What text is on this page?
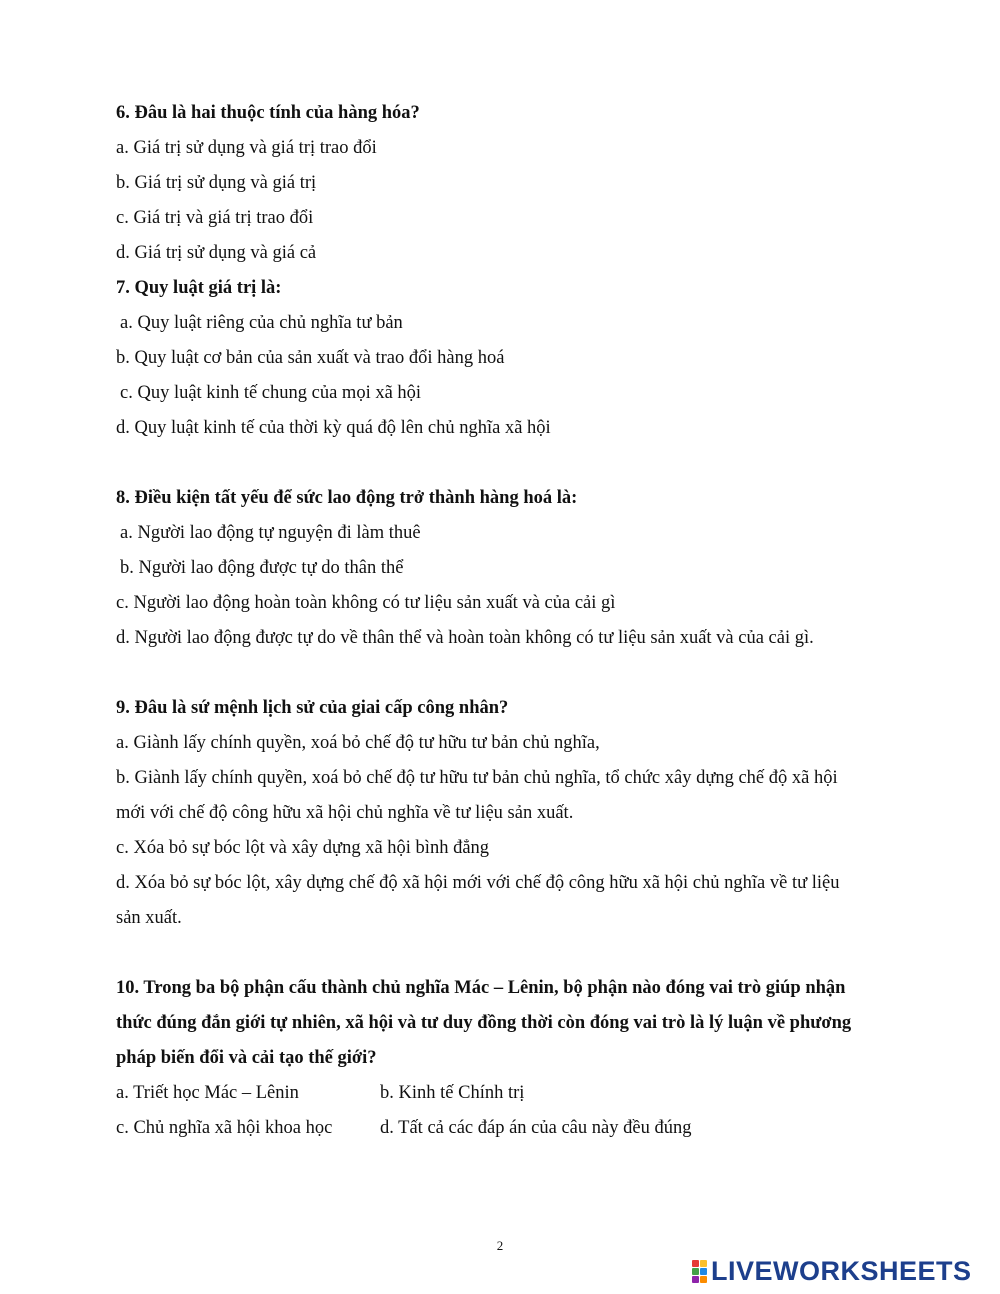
6. Đâu là hai thuộc tính của hàng hóa?

a. Giá trị sử dụng và giá trị trao đổi

b. Giá trị sử dụng và giá trị

c. Giá trị và giá trị trao đổi

d. Giá trị sử dụng và giá cả

7. Quy luật giá trị là:

a. Quy luật riêng của chủ nghĩa tư bản

b. Quy luật cơ bản của sản xuất và trao đổi hàng hoá

c. Quy luật kinh tế chung của mọi xã hội

d. Quy luật kinh tế của thời kỳ quá độ lên chủ nghĩa xã hội

8. Điều kiện tất yếu để sức lao động trở thành hàng hoá là:

a. Người lao động tự nguyện đi làm thuê

b. Người lao động được tự do thân thể

c. Người lao động hoàn toàn không có tư liệu sản xuất và của cải gì

d. Người lao động được tự do về thân thể và hoàn toàn không có tư liệu sản xuất và của cải gì.

9. Đâu là sứ mệnh lịch sử của giai cấp công nhân?

a. Giành lấy chính quyền, xoá bỏ chế độ tư hữu tư bản chủ nghĩa,

b. Giành lấy chính quyền, xoá bỏ chế độ tư hữu tư bản chủ nghĩa, tổ chức xây dựng chế độ xã hội

mới với chế độ công hữu xã hội chủ nghĩa về tư liệu sản xuất.

c. Xóa bỏ sự bóc lột và xây dựng xã hội bình đẳng

d. Xóa bỏ sự bóc lột, xây dựng chế độ xã hội mới với chế độ công hữu xã hội chủ nghĩa về tư liệu

sản xuất.

10. Trong ba bộ phận cấu thành chủ nghĩa Mác – Lênin, bộ phận nào đóng vai trò giúp nhận

thức đúng đắn giới tự nhiên, xã hội và tư duy đồng thời còn đóng vai trò là lý luận về phương

pháp biến đổi và cải tạo thế giới?

a. Triết học Mác – Lênin	b. Kinh tế Chính trị

c. Chủ nghĩa xã hội khoa học	d. Tất cả các đáp án của câu này đều đúng

2
LIVEWORKSHEETS
